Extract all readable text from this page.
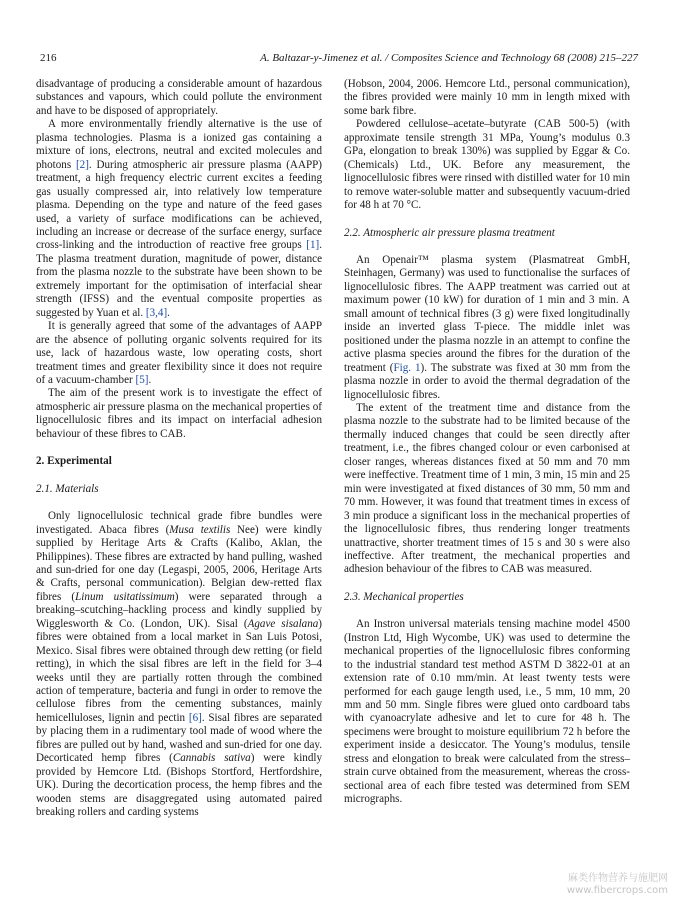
216	A. Baltazar-y-Jimenez et al. / Composites Science and Technology 68 (2008) 215–227

disadvantage of producing a considerable amount of hazardous substances and vapours, which could pollute the environment and have to be disposed of appropriately.

A more environmentally friendly alternative is the use of plasma technologies. Plasma is a ionized gas containing a mixture of ions, electrons, neutral and excited molecules and photons [2]. During atmospheric air pressure plasma (AAPP) treatment, a high frequency electric current excites a feeding gas usually compressed air, into relatively low temperature plasma. Depending on the type and nature of the feed gases used, a variety of surface modifications can be achieved, including an increase or decrease of the surface energy, surface cross-linking and the introduction of reactive free groups [1]. The plasma treatment duration, magnitude of power, distance from the plasma nozzle to the substrate have been shown to be extremely important for the optimisation of interfacial shear strength (IFSS) and the eventual composite properties as suggested by Yuan et al. [3,4].

It is generally agreed that some of the advantages of AAPP are the absence of polluting organic solvents required for its use, lack of hazardous waste, low operating costs, short treatment times and greater flexibility since it does not require of a vacuum-chamber [5].

The aim of the present work is to investigate the effect of atmospheric air pressure plasma on the mechanical properties of lignocellulosic fibres and its impact on interfacial adhesion behaviour of these fibres to CAB.

2. Experimental

2.1. Materials

Only lignocellulosic technical grade fibre bundles were investigated. Abaca fibres (Musa textilis Nee) were kindly supplied by Heritage Arts & Crafts (Kalibo, Aklan, the Philippines). These fibres are extracted by hand pulling, washed and sun-dried for one day (Legaspi, 2005, 2006, Heritage Arts & Crafts, personal communication). Belgian dew-retted flax fibres (Linum usitatissimum) were separated through a breaking–scutching–hackling process and kindly supplied by Wigglesworth & Co. (London, UK). Sisal (Agave sisalana) fibres were obtained from a local market in San Luis Potosi, Mexico. Sisal fibres were obtained through dew retting (or field retting), in which the sisal fibres are left in the field for 3–4 weeks until they are partially rotten through the combined action of temperature, bacteria and fungi in order to remove the cellulose fibres from the cementing substances, mainly hemicelluloses, lignin and pectin [6]. Sisal fibres are separated by placing them in a rudimentary tool made of wood where the fibres are pulled out by hand, washed and sun-dried for one day. Decorticated hemp fibres (Cannabis sativa) were kindly provided by Hemcore Ltd. (Bishops Stortford, Hertfordshire, UK). During the decortication process, the hemp fibres and the wooden stems are disaggregated using automated paired breaking rollers and carding systems

(Hobson, 2004, 2006. Hemcore Ltd., personal communication), the fibres provided were mainly 10 mm in length mixed with some bark fibre.

Powdered cellulose–acetate–butyrate (CAB 500-5) (with approximate tensile strength 31 MPa, Young’s modulus 0.3 GPa, elongation to break 130%) was supplied by Eggar & Co. (Chemicals) Ltd., UK. Before any measurement, the lignocellulosic fibres were rinsed with distilled water for 10 min to remove water-soluble matter and subsequently vacuum-dried for 48 h at 70 °C.

2.2. Atmospheric air pressure plasma treatment

An Openair™ plasma system (Plasmatreat GmbH, Steinhagen, Germany) was used to functionalise the surfaces of lignocellulosic fibres. The AAPP treatment was carried out at maximum power (10 kW) for duration of 1 min and 3 min. A small amount of technical fibres (3 g) were fixed longitudinally inside an inverted glass T-piece. The middle inlet was positioned under the plasma nozzle in an attempt to confine the active plasma species around the fibres for the duration of the treatment (Fig. 1). The substrate was fixed at 30 mm from the plasma nozzle in order to avoid the thermal degradation of the lignocellulosic fibres.

The extent of the treatment time and distance from the plasma nozzle to the substrate had to be limited because of the thermally induced changes that could be seen directly after treatment, i.e., the fibres changed colour or even carbonised at closer ranges, whereas distances fixed at 50 mm and 70 mm were ineffective. Treatment time of 1 min, 3 min, 15 min and 25 min were investigated at fixed distances of 30 mm, 50 mm and 70 mm. However, it was found that treatment times in excess of 3 min produce a significant loss in the mechanical properties of the lignocellulosic fibres, thus rendering longer treatments unattractive, shorter treatment times of 15 s and 30 s were also ineffective. After treatment, the mechanical properties and adhesion behaviour of the fibres to CAB was measured.

2.3. Mechanical properties

An Instron universal materials tensing machine model 4500 (Instron Ltd, High Wycombe, UK) was used to determine the mechanical properties of the lignocellulosic fibres conforming to the industrial standard test method ASTM D 3822-01 at an extension rate of 0.10 mm/min. At least twenty tests were performed for each gauge length used, i.e., 5 mm, 10 mm, 20 mm and 50 mm. Single fibres were glued onto cardboard tabs with cyanoacrylate adhesive and let to cure for 48 h. The specimens were brought to moisture equilibrium 72 h before the experiment inside a desiccator. The Young’s modulus, tensile stress and elongation to break were calculated from the stress–strain curve obtained from the measurement, whereas the cross-sectional area of each fibre tested was determined from SEM micrographs.

麻类作物营养与施肥网
www.fibercrops.com
